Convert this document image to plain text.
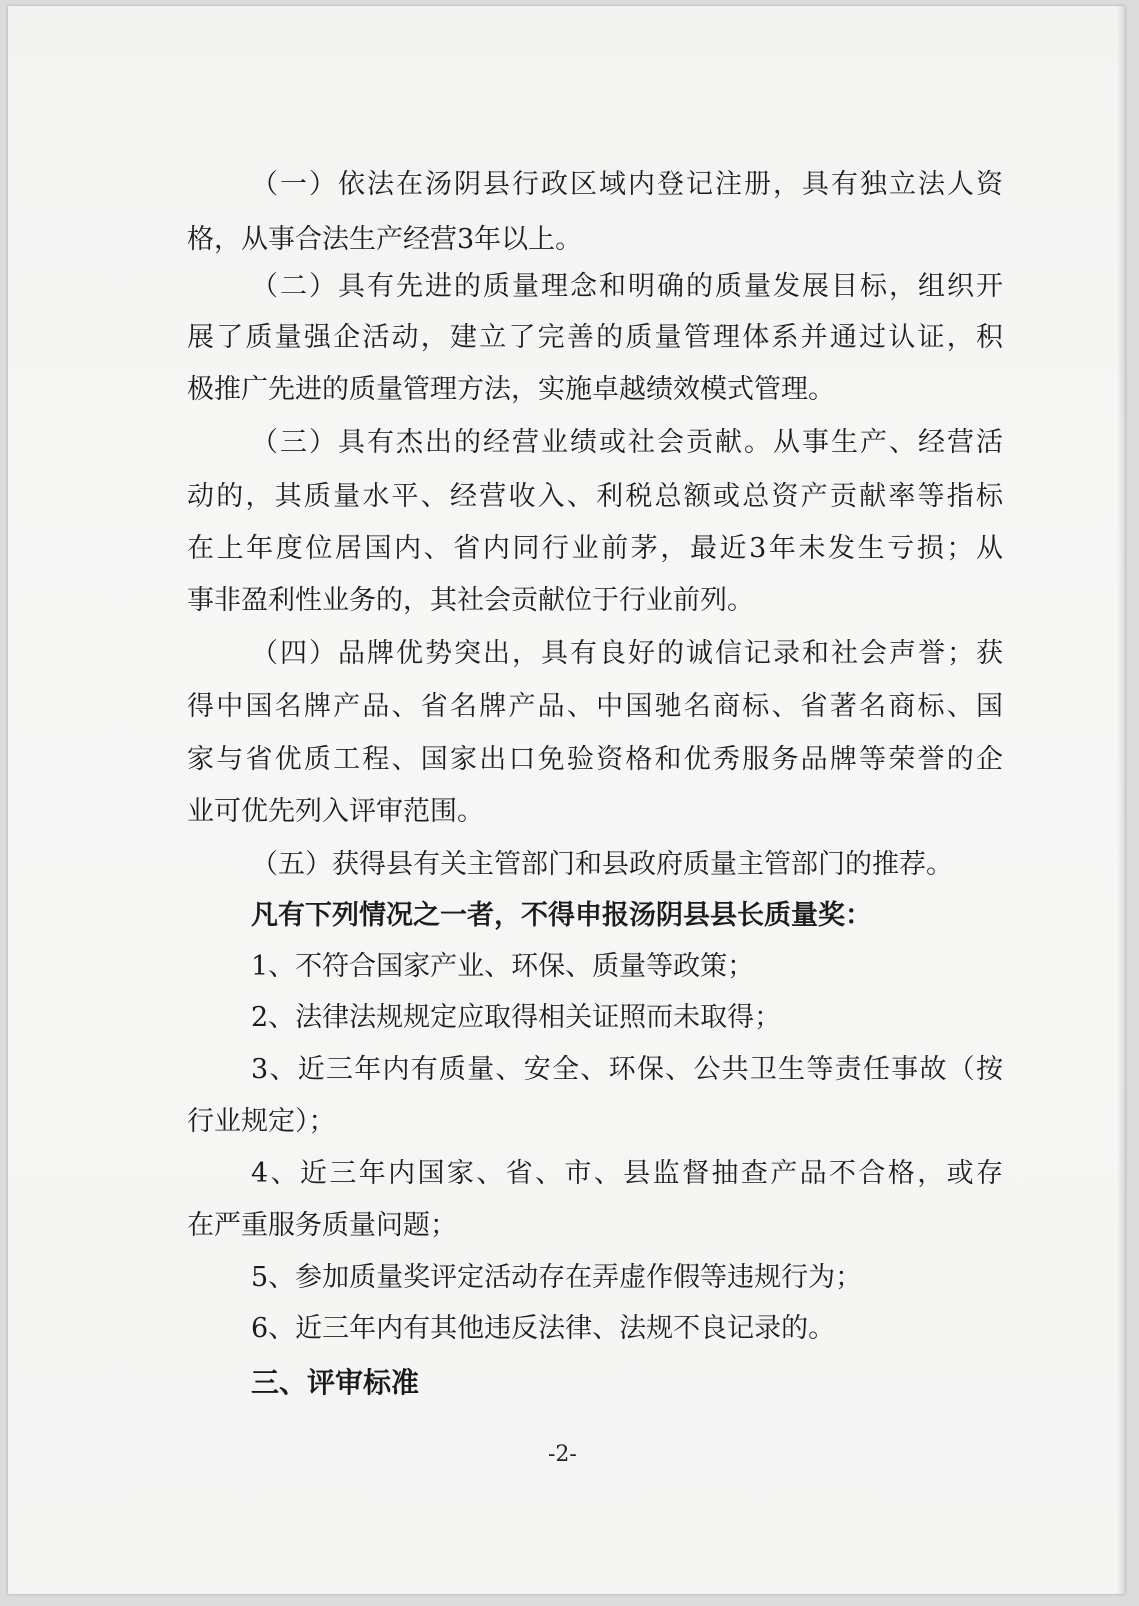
（一）依法在汤阴县行政区域内登记注册，具有独立法人资
格，从事合法生产经营3年以上。
（二）具有先进的质量理念和明确的质量发展目标，组织开
展了质量强企活动，建立了完善的质量管理体系并通过认证，积
极推广先进的质量管理方法，实施卓越绩效模式管理。
（三）具有杰出的经营业绩或社会贡献。从事生产、经营活
动的，其质量水平、经营收入、利税总额或总资产贡献率等指标
在上年度位居国内、省内同行业前茅，最近3年未发生亏损；从
事非盈利性业务的，其社会贡献位于行业前列。
（四）品牌优势突出，具有良好的诚信记录和社会声誉；获
得中国名牌产品、省名牌产品、中国驰名商标、省著名商标、国
家与省优质工程、国家出口免验资格和优秀服务品牌等荣誉的企
业可优先列入评审范围。
（五）获得县有关主管部门和县政府质量主管部门的推荐。
凡有下列情况之一者，不得申报汤阴县县长质量奖：
1、不符合国家产业、环保、质量等政策；
2、法律法规规定应取得相关证照而未取得；
3、近三年内有质量、安全、环保、公共卫生等责任事故（按
行业规定）；
4、近三年内国家、省、市、县监督抽查产品不合格，或存
在严重服务质量问题；
5、参加质量奖评定活动存在弄虚作假等违规行为；
6、近三年内有其他违反法律、法规不良记录的。
三、评审标准
-2-
